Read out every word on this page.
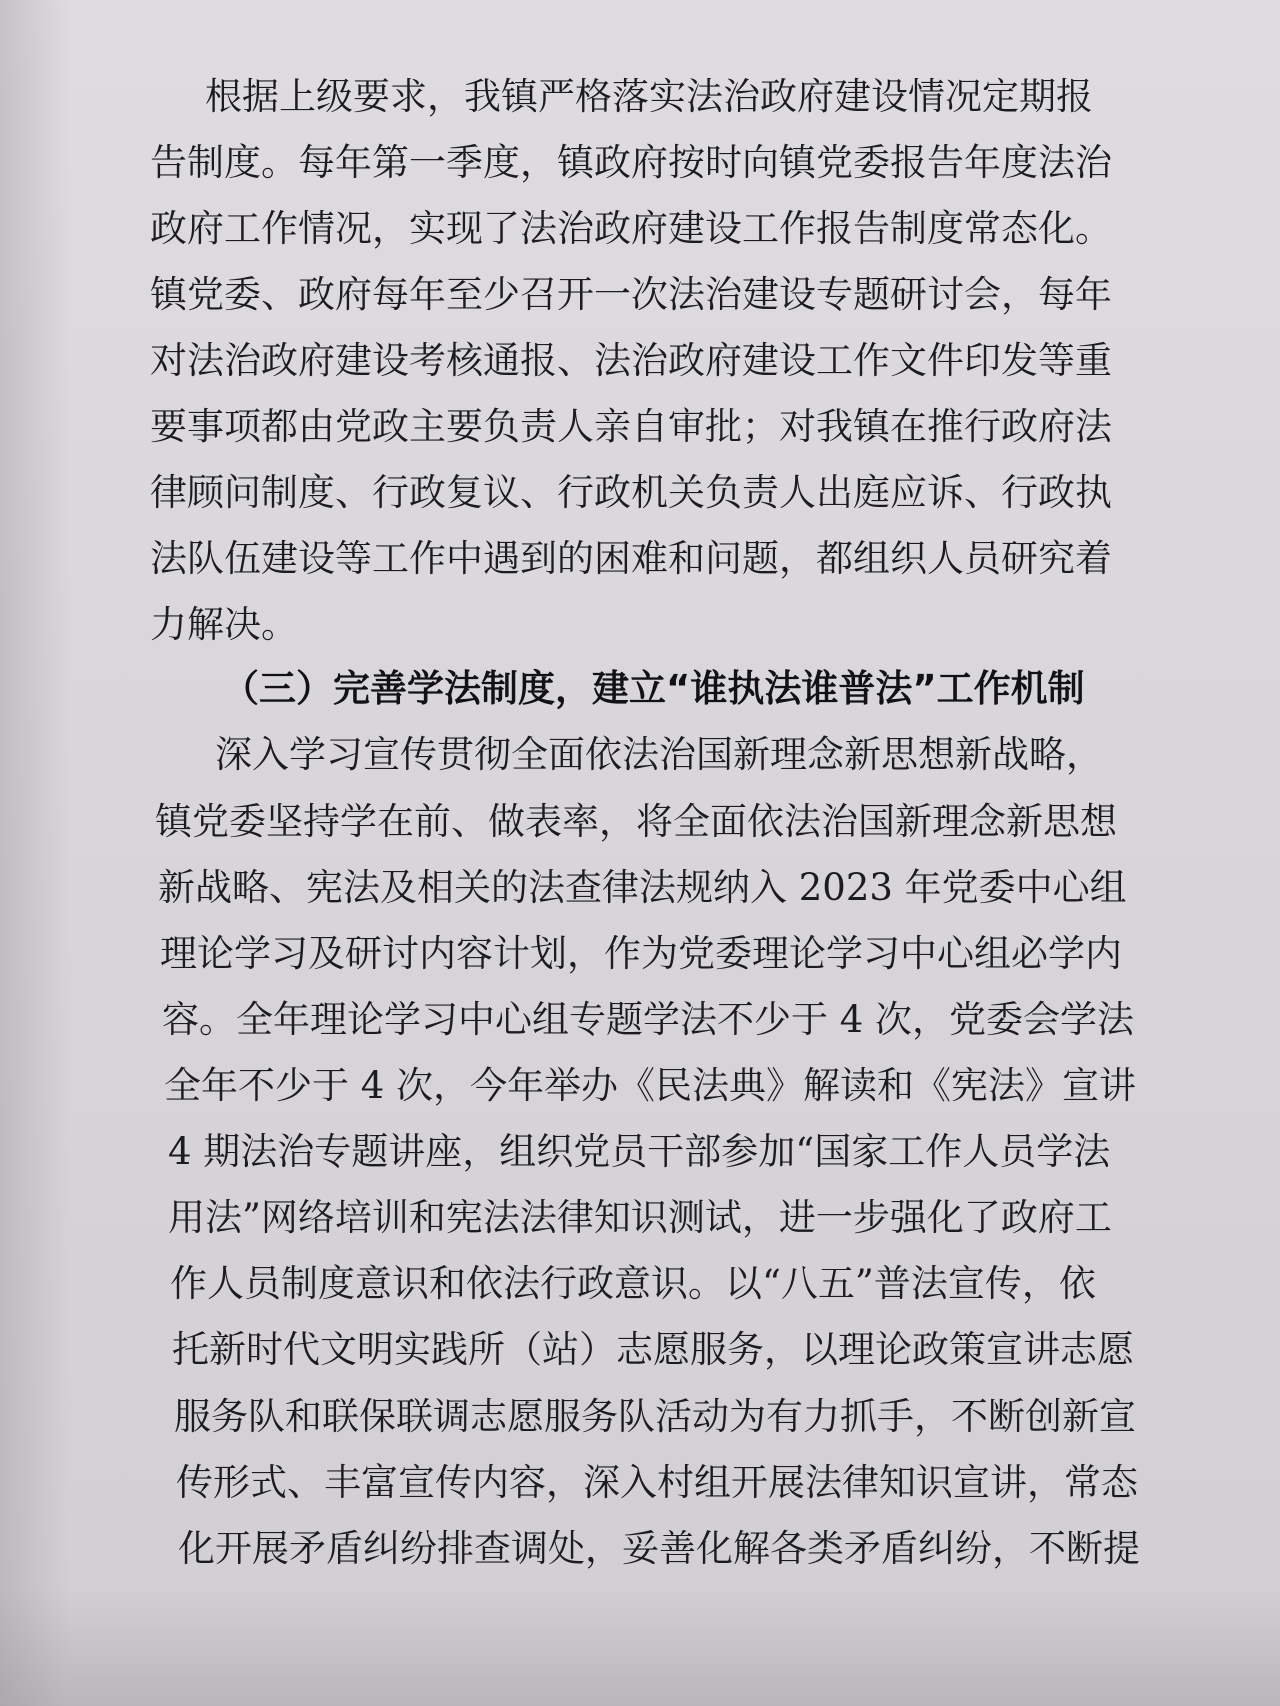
根据上级要求，我镇严格落实法治政府建设情况定期报
告制度。每年第一季度，镇政府按时向镇党委报告年度法治
政府工作情况，实现了法治政府建设工作报告制度常态化。
镇党委、政府每年至少召开一次法治建设专题研讨会，每年
对法治政府建设考核通报、法治政府建设工作文件印发等重
要事项都由党政主要负责人亲自审批；对我镇在推行政府法
律顾问制度、行政复议、行政机关负责人出庭应诉、行政执
法队伍建设等工作中遇到的困难和问题，都组织人员研究着
力解决。
（三）完善学法制度，建立“谁执法谁普法”工作机制
深入学习宣传贯彻全面依法治国新理念新思想新战略，
镇党委坚持学在前、做表率，将全面依法治国新理念新思想
新战略、宪法及相关的法查律法规纳入 2023 年党委中心组
理论学习及研讨内容计划，作为党委理论学习中心组必学内
容。全年理论学习中心组专题学法不少于 4 次，党委会学法
全年不少于 4 次，今年举办《民法典》解读和《宪法》宣讲
4 期法治专题讲座，组织党员干部参加“国家工作人员学法
用法”网络培训和宪法法律知识测试，进一步强化了政府工
作人员制度意识和依法行政意识。以“八五”普法宣传，依
托新时代文明实践所（站）志愿服务，以理论政策宣讲志愿
服务队和联保联调志愿服务队活动为有力抓手，不断创新宣
传形式、丰富宣传内容，深入村组开展法律知识宣讲，常态
化开展矛盾纠纷排查调处，妥善化解各类矛盾纠纷，不断提
